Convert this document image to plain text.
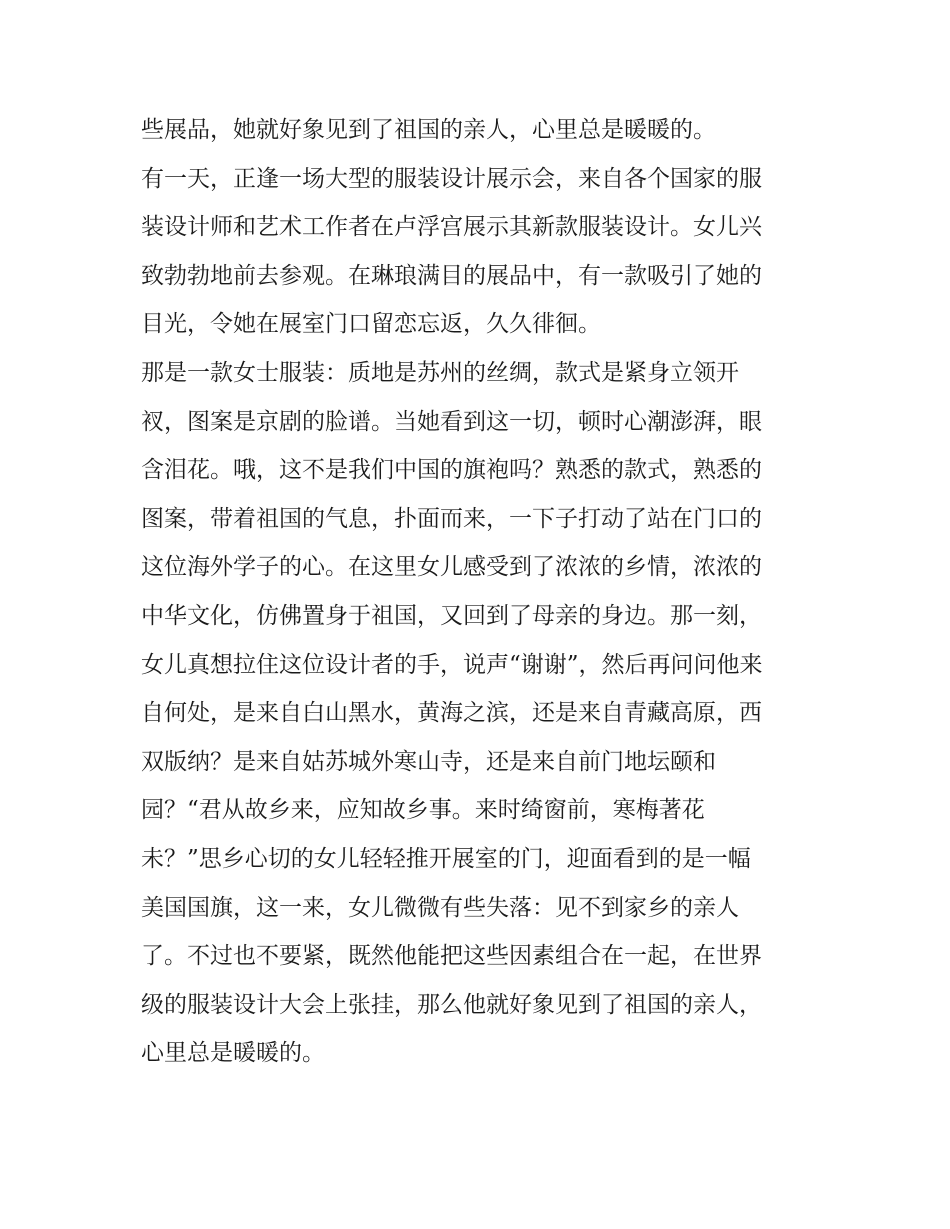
些展品，她就好象见到了祖国的亲人，心里总是暖暖的。
有一天，正逢一场大型的服装设计展示会，来自各个国家的服
装设计师和艺术工作者在卢浮宫展示其新款服装设计。女儿兴
致勃勃地前去参观。在琳琅满目的展品中，有一款吸引了她的
目光，令她在展室门口留恋忘返，久久徘徊。
那是一款女士服装：质地是苏州的丝绸，款式是紧身立领开
衩，图案是京剧的脸谱。当她看到这一切，顿时心潮澎湃，眼
含泪花。哦，这不是我们中国的旗袍吗？熟悉的款式，熟悉的
图案，带着祖国的气息，扑面而来，一下子打动了站在门口的
这位海外学子的心。在这里女儿感受到了浓浓的乡情，浓浓的
中华文化，仿佛置身于祖国，又回到了母亲的身边。那一刻，
女儿真想拉住这位设计者的手，说声“谢谢”，然后再问问他来
自何处，是来自白山黑水，黄海之滨，还是来自青藏高原，西
双版纳？是来自姑苏城外寒山寺，还是来自前门地坛颐和
园？“君从故乡来，应知故乡事。来时绮窗前，寒梅著花
未？”思乡心切的女儿轻轻推开展室的门，迎面看到的是一幅
美国国旗，这一来，女儿微微有些失落：见不到家乡的亲人
了。不过也不要紧，既然他能把这些因素组合在一起，在世界
级的服装设计大会上张挂，那么他就好象见到了祖国的亲人，
心里总是暖暖的。
